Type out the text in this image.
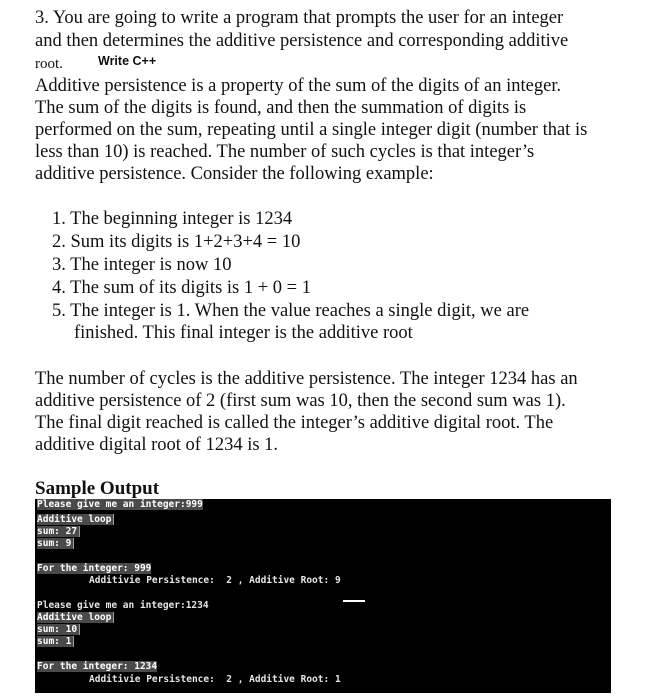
3. You are going to write a program that prompts the user for an integer
and then determines the additive persistence and corresponding additive
root.	Write C++
Additive persistence is a property of the sum of the digits of an integer.
The sum of the digits is found, and then the summation of digits is
performed on the sum, repeating until a single integer digit (number that is
less than 10) is reached. The number of such cycles is that integer’s
additive persistence. Consider the following example:
1. The beginning integer is 1234
2. Sum its digits is 1+2+3+4 = 10
3. The integer is now 10
4. The sum of its digits is 1 + 0 = 1
5. The integer is 1. When the value reaches a single digit, we are
finished. This final integer is the additive root
The number of cycles is the additive persistence. The integer 1234 has an
additive persistence of 2 (first sum was 10, then the second sum was 1).
The final digit reached is called the integer’s additive digital root. The
additive digital root of 1234 is 1.
Sample Output
Please give me an integer:999
Additive loop
sum: 27
sum: 9
For the integer: 999
Additivie Persistence:  2 , Additive Root: 9
Please give me an integer:1234
Additive loop
sum: 10
sum: 1
For the integer: 1234
Additivie Persistence:  2 , Additive Root: 1
